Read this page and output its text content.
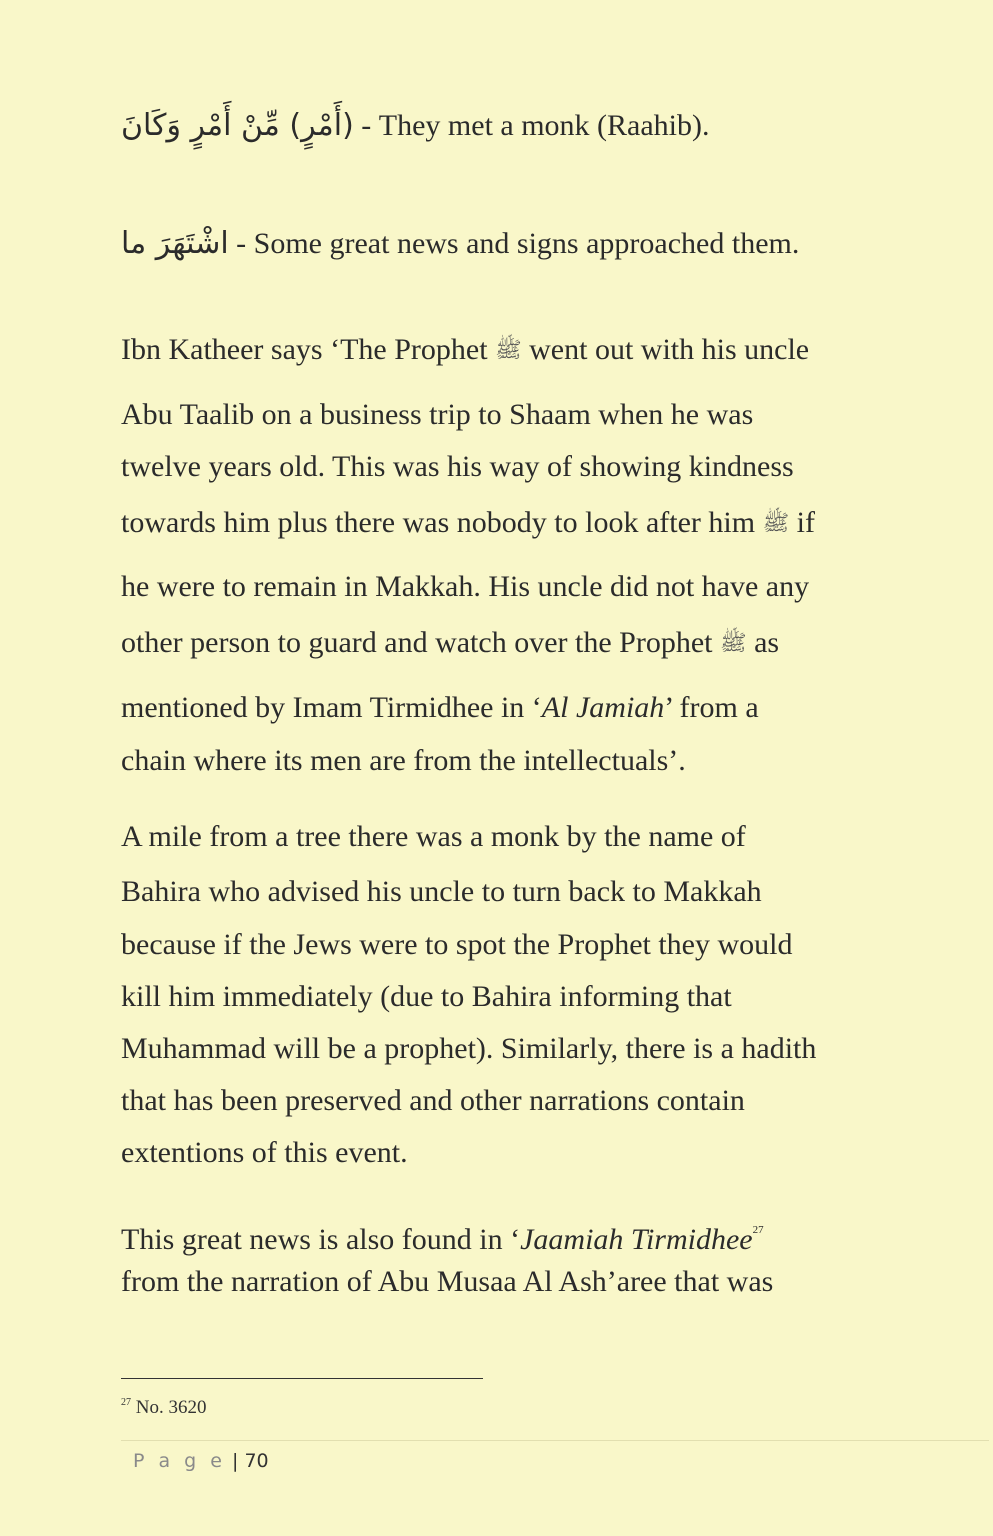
(أَمْرٍ) مِّنْ أَمْرٍ وَكَانَ - They met a monk (Raahib).
اشْتَهَرَ ما	- Some great news and signs approached them.
Ibn Katheer says ‘The Prophet ﷺ went out with his uncle
Abu Taalib on a business trip to Shaam when he was
twelve years old. This was his way of showing kindness
towards him plus there was nobody to look after him ﷺ if
he were to remain in Makkah. His uncle did not have any
other person to guard and watch over the Prophet ﷺ as
mentioned by Imam Tirmidhee in ‘Al Jamiah’ from a
chain where its men are from the intellectuals’.
A mile from a tree there was a monk by the name of
Bahira who advised his uncle to turn back to Makkah
because if the Jews were to spot the Prophet they would
kill him immediately (due to Bahira informing that
Muhammad will be a prophet). Similarly, there is a hadith
that has been preserved and other narrations contain
extentions of this event.
This great news is also found in ‘Jaamiah Tirmidhee$^{27}$
from the narration of Abu Musaa Al Ash’aree that was
$^{27}$ No. 3620
P a g e | 70
